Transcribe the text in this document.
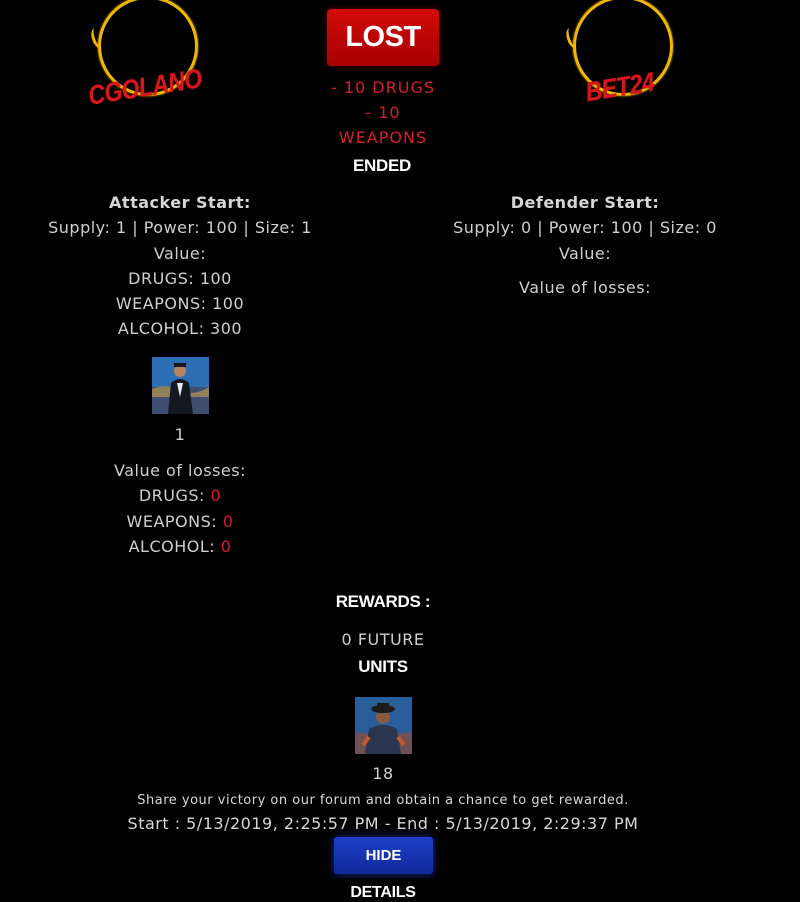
CGOLANO	BET24
LOST
- 10 DRUGS
- 10
WEAPONS
ENDED
Attacker Start:
Supply: 1 | Power: 100 | Size: 1
Value:
DRUGS: 100
WEAPONS: 100
ALCOHOL: 300
1
Value of losses:
DRUGS: 0
WEAPONS: 0
ALCOHOL: 0
Defender Start:
Supply: 0 | Power: 100 | Size: 0
Value:
Value of losses:
REWARDS :
0 FUTURE
UNITS
18
Share your victory on our forum and obtain a chance to get rewarded.
Start : 5/13/2019, 2:25:57 PM - End : 5/13/2019, 2:29:37 PM
HIDE
DETAILS
